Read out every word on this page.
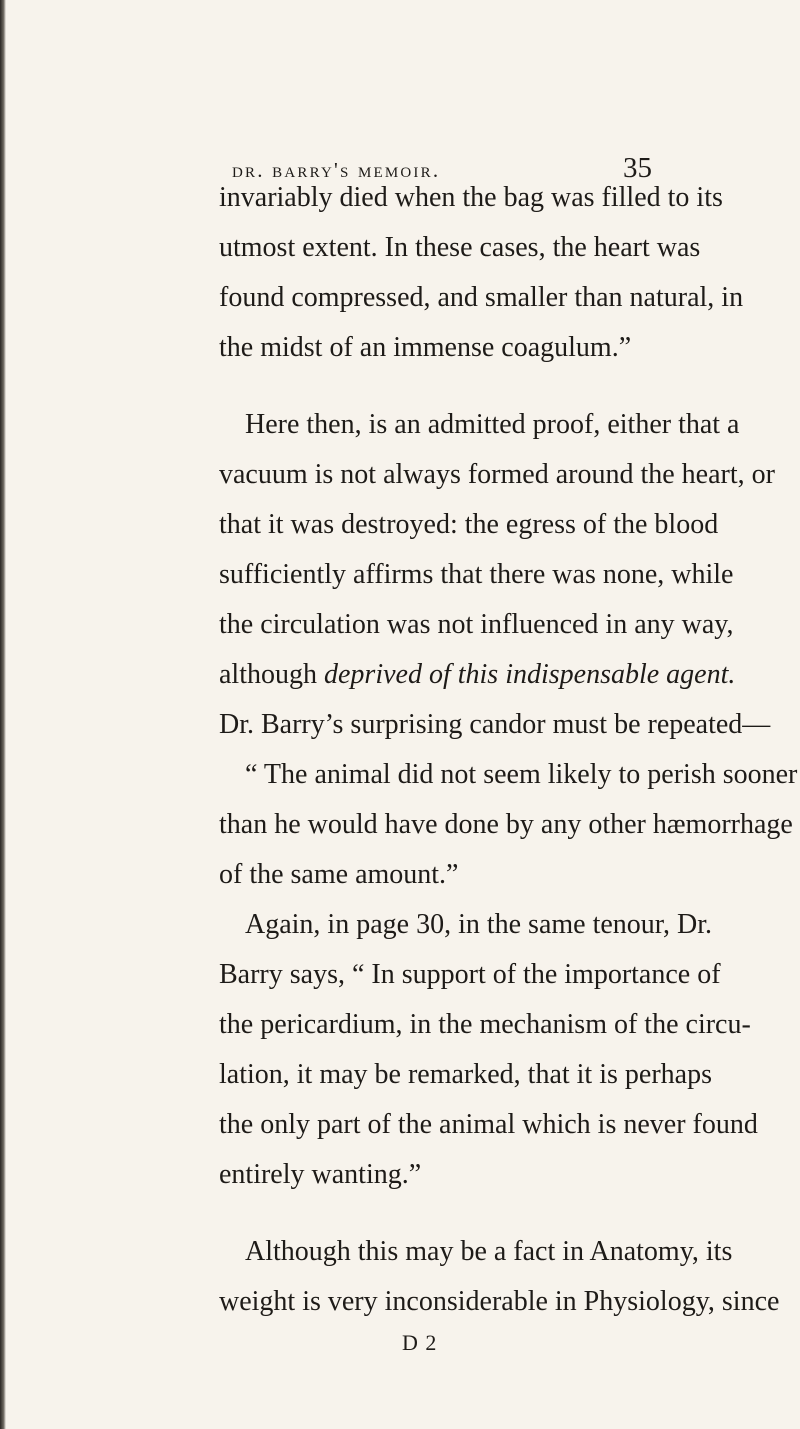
dr. barry's memoir.	35
invariably died when the bag was filled to its
utmost extent. In these cases, the heart was
found compressed, and smaller than natural, in
the midst of an immense coagulum.”
Here then, is an admitted proof, either that a
vacuum is not always formed around the heart, or
that it was destroyed: the egress of the blood
sufficiently affirms that there was none, while
the circulation was not influenced in any way,
although deprived of this indispensable agent.
Dr. Barry’s surprising candor must be repeated—
“ The animal did not seem likely to perish sooner
than he would have done by any other hæmorrhage
of the same amount.”
Again, in page 30, in the same tenour, Dr.
Barry says, “ In support of the importance of
the pericardium, in the mechanism of the circu-
lation, it may be remarked, that it is perhaps
the only part of the animal which is never found
entirely wanting.”
Although this may be a fact in Anatomy, its
weight is very inconsiderable in Physiology, since
D 2
